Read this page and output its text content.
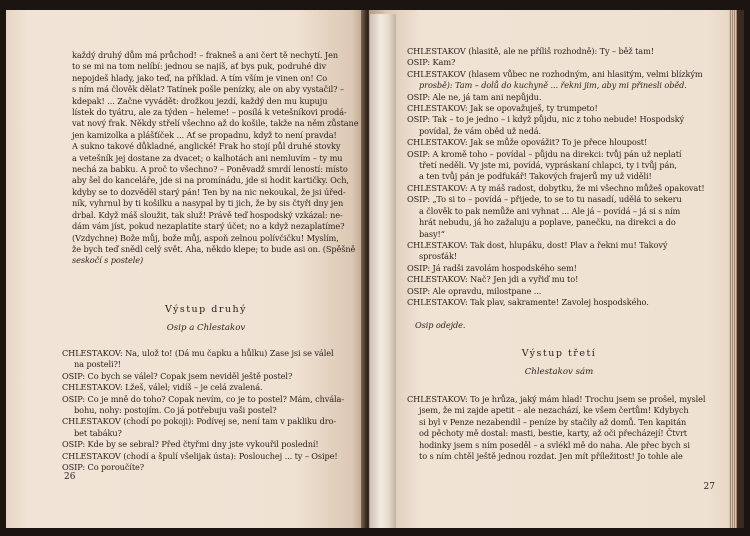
každý druhý dům má průchod! – frakneš a ani čert tě nechytí. Jen
to se mi na tom nelíbí: jednou se najíš, ať bys puk, podruhé div
nepojdeš hlady, jako teď, na příklad. A tím vším je vinen on! Co
s ním má člověk dělat? Tatínek pošle penízky, ale on aby vystačil? –
kdepak! ... Začne vyvádět: drožkou jezdí, každý den mu kupuju
lístek do tyátru, ale za týden – helemе! – posílá k vetešníkovi prodá-
vat nový frak. Někdy střelí všechno až do košile, takže na něm zůstane
jen kamizolka a plášťíček ... Ať se propadnu, když to není pravda!
A sukno takové důkladné, anglické! Frak ho stojí půl druhé stovky
a vetešník jej dostane za dvacet; o kalhotách ani nemluvím – ty mu
nechá za babku. A proč to všechno? – Poněvadž smrdí leností: místo
aby šel do kanceláře, jde si na promínádu, jde si hodit kartičky. Och,
kdyby se to dozvěděl starý pán! Ten by na nic nekoukal, že jsi úřed-
ník, vyhrnul by ti košilku a nasypal by ti jich, že by sis čtyři dny jen
drbal. Když máš sloužit, tak služ! Právě teď hospodský vzkázal: ne-
dám vám jíst, pokud nezaplatíte starý účet; no a když nezaplatíme?
(Vzdychne) Bože můj, bože můj, aspoň zelnou polívčičku! Myslím,
že bych teď snědl celý svět. Aha, někdo klepe; to bude asi on. (Spěšně
seskočí s postele)
Výstup druhý
Osip a Chlestakov
CHLESTAKOV: Na, ulož to! (Dá mu čapku a hůlku) Zase jsi se válel
na posteli?!
OSIP: Co bych se válel? Copak jsem neviděl ještě postel?
CHLESTAKOV: Lžeš, válel; vidíš – je celá zvalená.
OSIP: Co je mně do toho? Copak nevím, co je to postel? Mám, chvála-
bohu, nohy: postojím. Co já potřebuju vaši postel?
CHLESTAKOV (chodí po pokoji): Podívej se, není tam v pakliku dro-
bet tabáku?
OSIP: Kde by se sebral? Před čtyřmi dny jste vykouřil poslední!
CHLESTAKOV (chodí a špulí všelijak ústa): Poslouchej ... ty – Osipe!
OSIP: Co poroučíte?
26
CHLESTAKOV (hlasitě, ale ne příliš rozhodně): Ty – běž tam!
OSIP: Kam?
CHLESTAKOV (hlasem vůbec ne rozhodným, ani hlasitým, velmi blízkým
prosbě): Tam – dolů do kuchyně ... řekni jim, aby mi přinesli oběd.
OSIP: Ale ne, já tam ani nepůjdu.
CHLESTAKOV: Jak se opovažuješ, ty trumpeto!
OSIP: Tak – to je jedno – i když půjdu, nic z toho nebude! Hospodský
povídal, že vám oběd už nedá.
CHLESTAKOV: Jak se může opovážit? To je přece hloupost!
OSIP: A kromě toho – povídal – půjdu na direkci: tvůj pán už neplatí
třetí neděli. Vy jste mi, povídá, vypráskaní chlapci, ty i tvůj pán,
a ten tvůj pán je podfukář! Takových frajerů my už viděli!
CHLESTAKOV: A ty máš radost, dobytku, že mi všechno můžeš opakovat!
OSIP: „To si to – povídá – přijede, to se to tu nasadí, udělá to sekeru
a člověk to pak nemůže ani vyhnat ... Ale já – povídá – já si s ním
hrát nebudu, já ho zažaluju a poplave, panečku, na direkci a do
basy!“
CHLESTAKOV: Tak dost, hlupáku, dost! Plav a řekni mu! Takový
sprosťák!
OSIP: Já radši zavolám hospodského sem!
CHLESTAKOV: Nač? Jen jdi a vyřiď mu to!
OSIP: Ale opravdu, milostpane ...
CHLESTAKOV: Tak plav, sakramente! Zavolej hospodského.
Osip odejde.
Výstup třetí
Chlestakov sám
CHLESTAKOV: To je hrůza, jaký mám hlad! Trochu jsem se prošel, myslel
jsem, že mi zajde apetit – ale nezachází, ke všem čertům! Kdybych
si byl v Penze nezabendil – peníze by stačily až domů. Ten kapitán
od pěchoty mě dostal: masti, bestie, karty, až oči přecházejí! Čtvrt
hodinky jsem s ním poseděl – a svlékl mě do naha. Ale přec bych si
to s ním chtěl ještě jednou rozdat. Jen mít příležitost! Jo tohle ale
27
